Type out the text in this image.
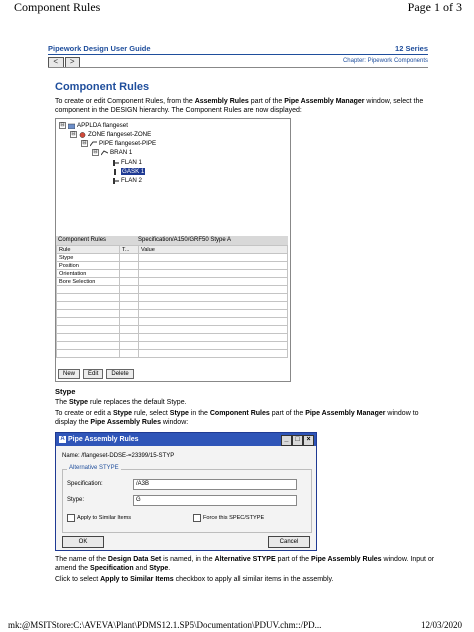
Component Rules	Page 1 of 3
Pipework Design User Guide	12 Series
<	>	Chapter: Pipework Components
Component Rules
To create or edit Component Rules, from the Assembly Rules part of the Pipe Assembly Manager window, select the component in the DESIGN hierarchy. The Component Rules are now displayed:
⊟ APPLDA flangeset
⊟ ZONE flangeset-ZONE
⊟ PIPE flangeset-PIPE
⊟ BRAN 1
FLAN 1
GASK 1
FLAN 2
Component Rules	Specification/A150/GRF50 Stype A
Rule	T...	Value
Stype		
Position		
Orientation		
Bore Selection		

New	Edit	Delete
Stype
The Stype rule replaces the default Stype.
To create or edit a Stype rule, select Stype in the Component Rules part of the Pipe Assembly Manager window to display the Pipe Assembly Rules window:
A Pipe Assembly Rules	_ □ ×
Name: /flangeset-DDSE-=23399/15-STYP
Alternative STYPE
Specification:	/A3B
Stype:	G
Apply to Similar Items	Force this SPEC/STYPE
OK	Cancel
The name of the Design Data Set is named, in the Alternative STYPE part of the Pipe Assembly Rules window. Input or amend the Specification and Stype.
Click to select Apply to Similar Items checkbox to apply all similar items in the assembly.
mk:@MSITStore:C:\AVEVA\Plant\PDMS12.1.SP5\Documentation\PDUV.chm::/PD...	12/03/2020
